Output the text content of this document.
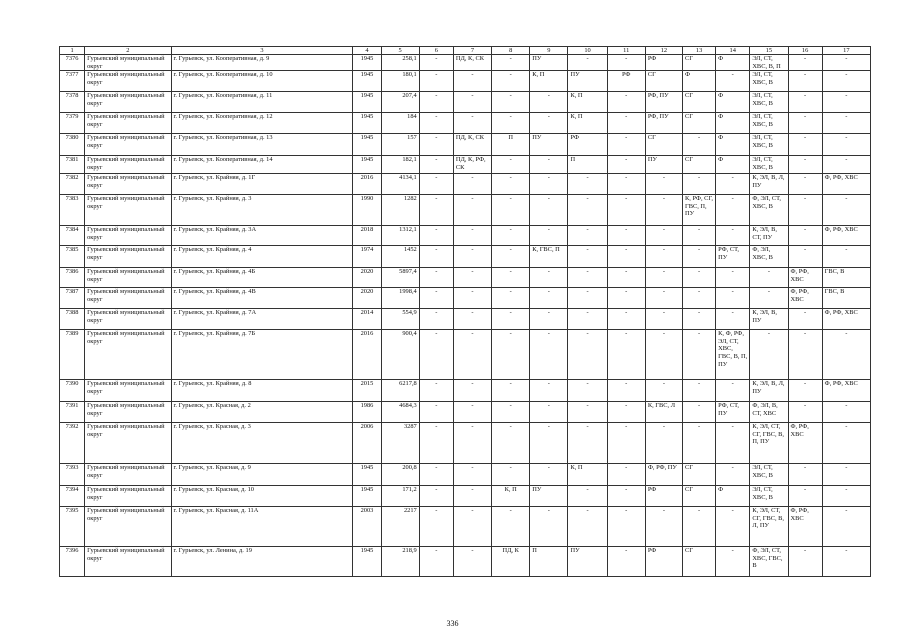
1	2	3	4	5	6	7	8	9	10	11	12	13	14	15	16	17
7376	Гурьевский муниципальный округ	г. Гурьевск, ул. Кооперативная, д. 9	1945	258,1	-	ПД, К, СК	-	ПУ	-	-	РФ	СГ	Ф	ЭЛ, СТ, ХВС, В, П	-	-
7377	Гурьевский муниципальный округ	г. Гурьевск, ул. Кооперативная, д. 10	1945	180,1	-	-	-	К, П	ПУ	РФ	СГ	Ф	-	ЭЛ, СТ, ХВС, В	-	-
7378	Гурьевский муниципальный округ	г. Гурьевск, ул. Кооперативная, д. 11	1945	207,4	-	-	-	-	К, П	-	РФ, ПУ	СГ	Ф	ЭЛ, СТ, ХВС, В	-	-
7379	Гурьевский муниципальный округ	г. Гурьевск, ул. Кооперативная, д. 12	1945	184	-	-	-	-	К, П	-	РФ, ПУ	СГ	Ф	ЭЛ, СТ, ХВС, В	-	-
7380	Гурьевский муниципальный округ	г. Гурьевск, ул. Кооперативная, д. 13	1945	157	-	ПД, К, СК	П	ПУ	РФ	-	СГ	-	Ф	ЭЛ, СТ, ХВС, В	-	-
7381	Гурьевский муниципальный округ	г. Гурьевск, ул. Кооперативная, д. 14	1945	182,1	-	ПД, К, РФ, СК	-	-	П	-	ПУ	СГ	Ф	ЭЛ, СТ, ХВС, В	-	-
7382	Гурьевский муниципальный округ	г. Гурьевск, ул. Крайняя, д. 1Г	2016	4134,1	-	-	-	-	-	-	-	-	-	К, ЭЛ, В, Л, ПУ	-	Ф, РФ, ХВС
7383	Гурьевский муниципальный округ	г. Гурьевск, ул. Крайняя, д. 3	1990	1282	-	-	-	-	-	-	-	К, РФ, СГ, ГВС, П, ПУ	-	Ф, ЭЛ, СТ, ХВС, В	-	-
7384	Гурьевский муниципальный округ	г. Гурьевск, ул. Крайняя, д. 3А	2018	1312,1	-	-	-	-	-	-	-	-	-	К, ЭЛ, В, СТ, ПУ	-	Ф, РФ, ХВС
7385	Гурьевский муниципальный округ	г. Гурьевск, ул. Крайняя, д. 4	1974	1452	-	-	-	К, ГВС, П	-	-	-	-	РФ, СТ, ПУ	Ф, ЭЛ, ХВС, В	-	-
7386	Гурьевский муниципальный округ	г. Гурьевск, ул. Крайняя, д. 4Б	2020	5897,4	-	-	-	-	-	-	-	-	-	-	Ф, РФ, ХВС	ГВС, В
7387	Гурьевский муниципальный округ	г. Гурьевск, ул. Крайняя, д. 4В	2020	1998,4	-	-	-	-	-	-	-	-	-	-	Ф, РФ, ХВС	ГВС, В
7388	Гурьевский муниципальный округ	г. Гурьевск, ул. Крайняя, д. 7А	2014	554,9	-	-	-	-	-	-	-	-	-	К, ЭЛ, В, ПУ	-	Ф, РФ, ХВС
7389	Гурьевский муниципальный округ	г. Гурьевск, ул. Крайняя, д. 7Б	2016	900,4	-	-	-	-	-	-	-	-	К, Ф, РФ, ЭЛ, СТ, ХВС, ГВС, В, П, ПУ	-	-	-
7390	Гурьевский муниципальный округ	г. Гурьевск, ул. Крайняя, д. 8	2015	6217,8	-	-	-	-	-	-	-	-	-	К, ЭЛ, В, Л, ПУ	-	Ф, РФ, ХВС
7391	Гурьевский муниципальный округ	г. Гурьевск, ул. Красная, д. 2	1986	4684,3	-	-	-	-	-	-	К, ГВС, Л	-	РФ, СТ, ПУ	Ф, ЭЛ, В, СТ, ХВС	-	-
7392	Гурьевский муниципальный округ	г. Гурьевск, ул. Красная, д. 3	2006	3287	-	-	-	-	-	-	-	-	-	К, ЭЛ, СТ, СГ, ГВС, В, П, ПУ	Ф, РФ, ХВС	-
7393	Гурьевский муниципальный округ	г. Гурьевск, ул. Красная, д. 9	1945	200,8	-	-	-	-	К, П	-	Ф, РФ, ПУ	СГ	-	ЭЛ, СТ, ХВС, В	-	-
7394	Гурьевский муниципальный округ	г. Гурьевск, ул. Красная, д. 10	1945	171,2	-	-	К, П	ПУ	-	-	РФ	СГ	Ф	ЭЛ, СТ, ХВС, В	-	-
7395	Гурьевский муниципальный округ	г. Гурьевск, ул. Красная, д. 11А	2003	2217	-	-	-	-	-	-	-	-	-	К, ЭЛ, СТ, СГ, ГВС, В, Л, ПУ	Ф, РФ, ХВС	-
7396	Гурьевский муниципальный округ	г. Гурьевск, ул. Ленина, д. 19	1945	218,9	-	-	ПД, К	П	ПУ	-	РФ	СГ	-	Ф, ЭЛ, СТ, ХВС, ГВС, В	-	-
336
